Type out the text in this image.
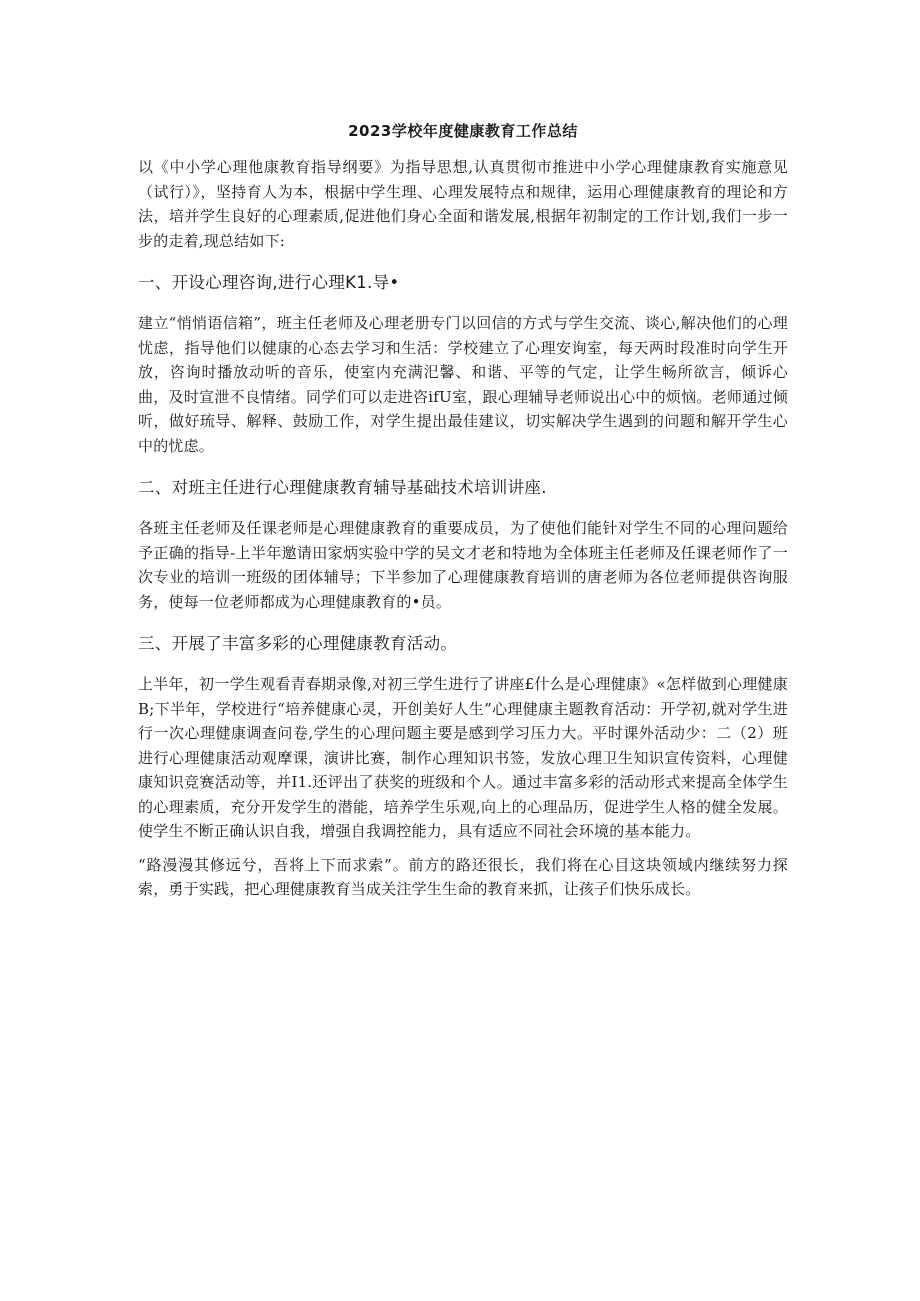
2023学校年度健康教育工作总结

以《中小学心理他康教育指导纲要》为指导思想,认真贯彻市推进中小学心理健康教育实施意见（试行）》，坚持育人为本，根据中学生理、心理发展特点和规律，运用心理健康教育的理论和方法，培并学生良好的心理素质,促进他们身心全面和谐发展,根据年初制定的工作计划,我们一步一步的走着,现总结如下:

一、开设心理咨询,进行心理K1.导•

建立“悄悄语信箱”，班主任老师及心理老册专门以回信的方式与学生交流、谈心,解决他们的心理忧虑，指导他们以健康的心态去学习和生活：学校建立了心理安询室，每天两时段准时向学生开放，咨询时播放动听的音乐，使室内充满汜馨、和谐、平等的气定，让学生畅所欲言，倾诉心曲，及时宣泄不良情绪。同学们可以走进咨ifU室，跟心理辅导老师说出心中的烦恼。老师通过倾听，做好琉导、解释、鼓励工作，对学生提出最佳建议，切实解决学生遇到的问题和解开学生心中的忧虑。

二、对班主任进行心理健康教育辅导基础技术培训讲座.

各班主任老师及任课老师是心理健康教育的重要成员，为了使他们能针对学生不同的心理问题给予正确的指导-上半年邀请田家炳实验中学的吴文才老和特地为全体班主任老师及任课老师作了一次专业的培训一班级的团体辅导；下半参加了心理健康教育培训的唐老师为各位老师提供咨询服务，使每一位老师都成为心理健康教育的•员。

三、开展了丰富多彩的心理健康教育活动。

上半年，初一学生观看青春期录像,对初三学生进行了讲座£什么是心理健康》«怎样做到心理健康B;下半年，学校进行“培养健康心灵，开创美好人生”心理健康主题教育活动：开学初,就对学生进行一次心理健康调查问卷,学生的心理问题主要是感到学习压力大。平时课外活动少：二（2）班进行心理健康活动观摩课，演讲比赛，制作心理知识书签，发放心理卫生知识宣传资料，心理健康知识竞赛活动等，并I1.还评出了获奖的班级和个人。通过丰富多彩的活动形式来提高全体学生的心理素质，充分开发学生的潜能，培养学生乐观,向上的心理品历，促进学生人格的健全发展。使学生不断正确认识自我，增强自我调控能力，具有适应不同社会环境的基本能力。

“路漫漫其修远兮，吾将上下而求索”。前方的路还很长，我们将在心目这块领域内继续努力探索，勇于实践，把心理健康教育当成关注学生生命的教育来抓，让孩子们快乐成长。
